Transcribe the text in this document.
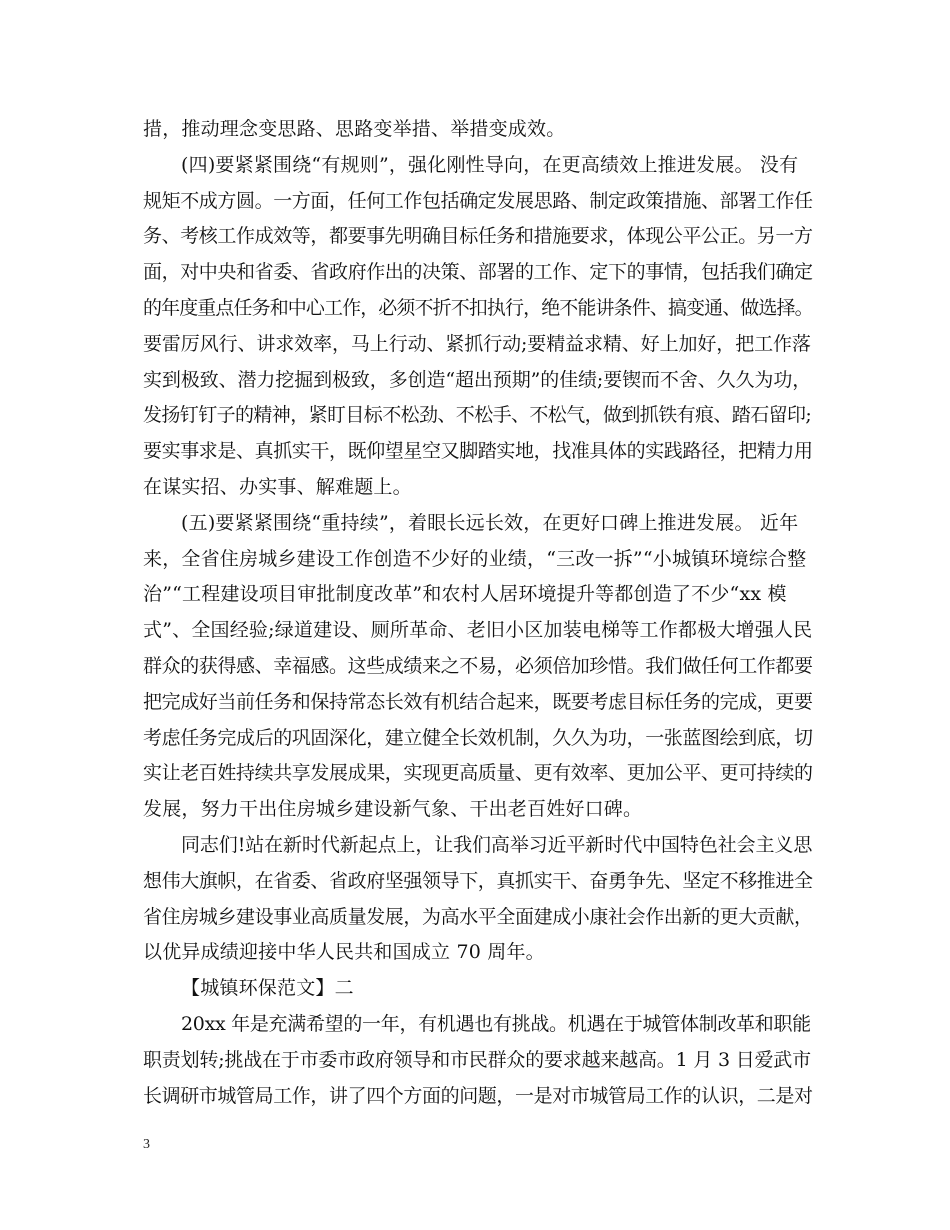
措，推动理念变思路、思路变举措、举措变成效。
(四)要紧紧围绕“有规则”，强化刚性导向，在更高绩效上推进发展。 没有
规矩不成方圆。一方面，任何工作包括确定发展思路、制定政策措施、部署工作任
务、考核工作成效等，都要事先明确目标任务和措施要求，体现公平公正。另一方
面，对中央和省委、省政府作出的决策、部署的工作、定下的事情，包括我们确定
的年度重点任务和中心工作，必须不折不扣执行，绝不能讲条件、搞变通、做选择。
要雷厉风行、讲求效率，马上行动、紧抓行动;要精益求精、好上加好，把工作落
实到极致、潜力挖掘到极致，多创造“超出预期”的佳绩;要锲而不舍、久久为功，
发扬钉钉子的精神，紧盯目标不松劲、不松手、不松气，做到抓铁有痕、踏石留印;
要实事求是、真抓实干，既仰望星空又脚踏实地，找准具体的实践路径，把精力用
在谋实招、办实事、解难题上。
(五)要紧紧围绕“重持续”，着眼长远长效，在更好口碑上推进发展。 近年
来，全省住房城乡建设工作创造不少好的业绩，“三改一拆”“小城镇环境综合整
治”“工程建设项目审批制度改革”和农村人居环境提升等都创造了不少“xx 模
式”、全国经验;绿道建设、厕所革命、老旧小区加装电梯等工作都极大增强人民
群众的获得感、幸福感。这些成绩来之不易，必须倍加珍惜。我们做任何工作都要
把完成好当前任务和保持常态长效有机结合起来，既要考虑目标任务的完成，更要
考虑任务完成后的巩固深化，建立健全长效机制，久久为功，一张蓝图绘到底，切
实让老百姓持续共享发展成果，实现更高质量、更有效率、更加公平、更可持续的
发展，努力干出住房城乡建设新气象、干出老百姓好口碑。
同志们!站在新时代新起点上，让我们高举习近平新时代中国特色社会主义思
想伟大旗帜，在省委、省政府坚强领导下，真抓实干、奋勇争先、坚定不移推进全
省住房城乡建设事业高质量发展，为高水平全面建成小康社会作出新的更大贡献，
以优异成绩迎接中华人民共和国成立 70 周年。
【城镇环保范文】二
20xx 年是充满希望的一年，有机遇也有挑战。机遇在于城管体制改革和职能
职责划转;挑战在于市委市政府领导和市民群众的要求越来越高。1 月 3 日爱武市
长调研市城管局工作，讲了四个方面的问题，一是对市城管局工作的认识，二是对
3
